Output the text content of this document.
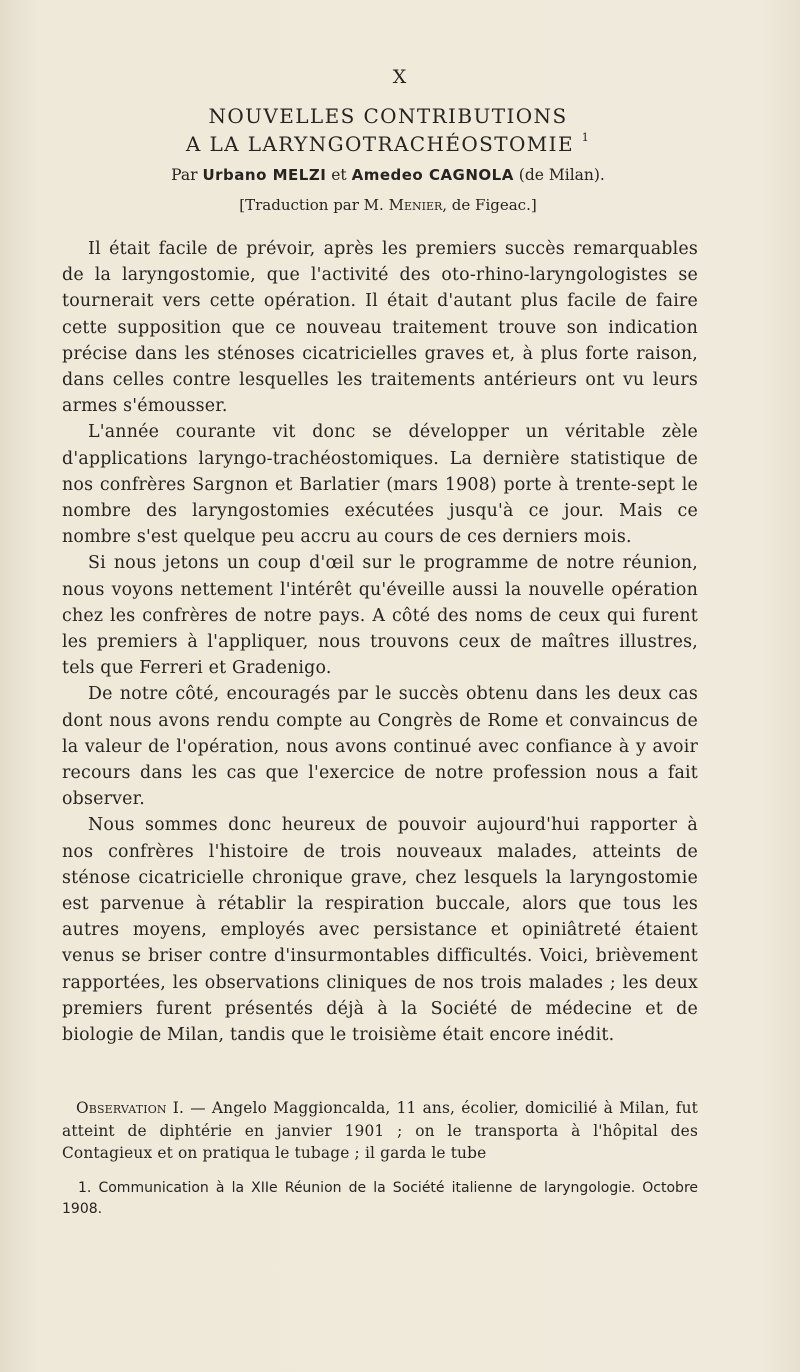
X
NOUVELLES CONTRIBUTIONS
A LA LARYNGOTRACHÉOSTOMIE $^1$
Par Urbano MELZI et Amedeo CAGNOLA (de Milan).
[Traduction par M. Menier, de Figeac.]

Il était facile de prévoir, après les premiers succès remarquables de la laryngostomie, que l'activité des oto-rhino-laryngologistes se tournerait vers cette opération. Il était d'autant plus facile de faire cette supposition que ce nouveau traitement trouve son indication précise dans les sténoses cicatricielles graves et, à plus forte raison, dans celles contre lesquelles les traitements antérieurs ont vu leurs armes s'émousser.

L'année courante vit donc se développer un véritable zèle d'applications laryngo-trachéostomiques. La dernière statistique de nos confrères Sargnon et Barlatier (mars 1908) porte à trente-sept le nombre des laryngostomies exécutées jusqu'à ce jour. Mais ce nombre s'est quelque peu accru au cours de ces derniers mois.

Si nous jetons un coup d'œil sur le programme de notre réunion, nous voyons nettement l'intérêt qu'éveille aussi la nouvelle opération chez les confrères de notre pays. A côté des noms de ceux qui furent les premiers à l'appliquer, nous trouvons ceux de maîtres illustres, tels que Ferreri et Gradenigo.

De notre côté, encouragés par le succès obtenu dans les deux cas dont nous avons rendu compte au Congrès de Rome et convaincus de la valeur de l'opération, nous avons continué avec confiance à y avoir recours dans les cas que l'exercice de notre profession nous a fait observer.

Nous sommes donc heureux de pouvoir aujourd'hui rapporter à nos confrères l'histoire de trois nouveaux malades, atteints de sténose cicatricielle chronique grave, chez lesquels la laryngostomie est parvenue à rétablir la respiration buccale, alors que tous les autres moyens, employés avec persistance et opiniâtreté étaient venus se briser contre d'insurmontables difficultés. Voici, brièvement rapportées, les observations cliniques de nos trois malades ; les deux premiers furent présentés déjà à la Société de médecine et de biologie de Milan, tandis que le troisième était encore inédit.

Observation I. — Angelo Maggioncalda, 11 ans, écolier, domicilié à Milan, fut atteint de diphtérie en janvier 1901 ; on le transporta à l'hôpital des Contagieux et on pratiqua le tubage ; il garda le tube

1. Communication à la XIIe Réunion de la Société italienne de laryngologie. Octobre 1908.
